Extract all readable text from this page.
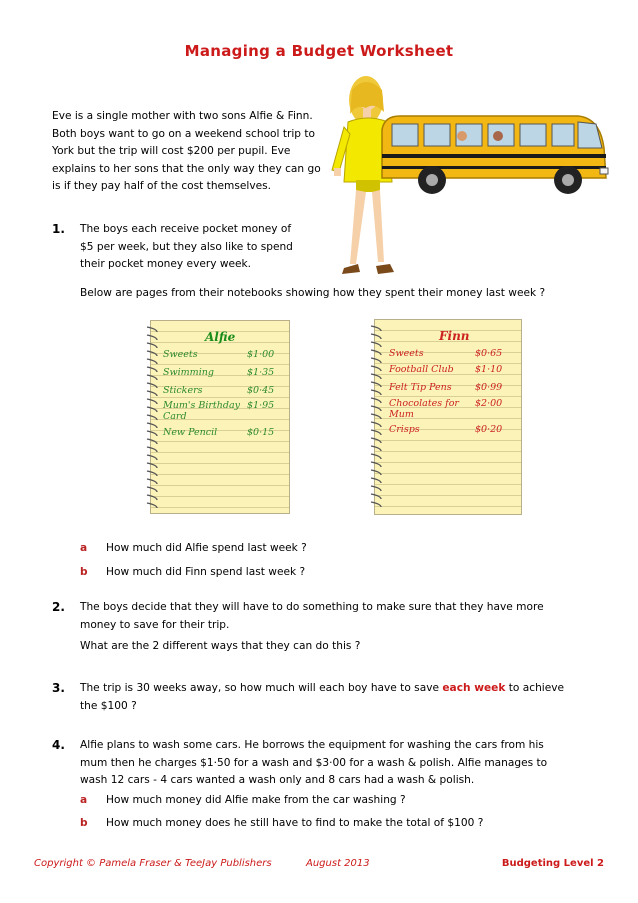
Managing a Budget Worksheet
Eve is a single mother with two sons Alfie & Finn.
Both boys want to go on a weekend school trip to
York but the trip will cost $200 per pupil. Eve
explains to her sons that the only way they can go
is if they pay half of the cost themselves.
1. The boys each receive pocket money of
$5 per week, but they also like to spend
their pocket money every week.
Below are pages from their notebooks showing how they spent their money last week ?
Alfie
Sweets	$1·00
Swimming	$1·35
Stickers	$0·45
Mum's Birthday Card
$1·95
New Pencil	$0·15
Finn
Sweets	$0·65
Football Club $1·10
Felt Tip Pens $0·99
Chocolates for Mum
$2·00
Crisps	$0·20
a How much did Alfie spend last week ?
b How much did Finn spend last week ?
2. The boys decide that they will have to do something to make sure that they have more
money to save for their trip.
What are the 2 different ways that they can do this ?
3. The trip is 30 weeks away, so how much will each boy have to save each week to achieve
the $100 ?
4. Alfie plans to wash some cars. He borrows the equipment for washing the cars from his
mum then he charges $1·50 for a wash and $3·00 for a wash & polish. Alfie manages to
wash 12 cars - 4 cars wanted a wash only and 8 cars had a wash & polish.
a How much money did Alfie make from the car washing ?
b How much money does he still have to find to make the total of $100 ?
Copyright © Pamela Fraser & TeeJay Publishers	August 2013	Budgeting Level 2
